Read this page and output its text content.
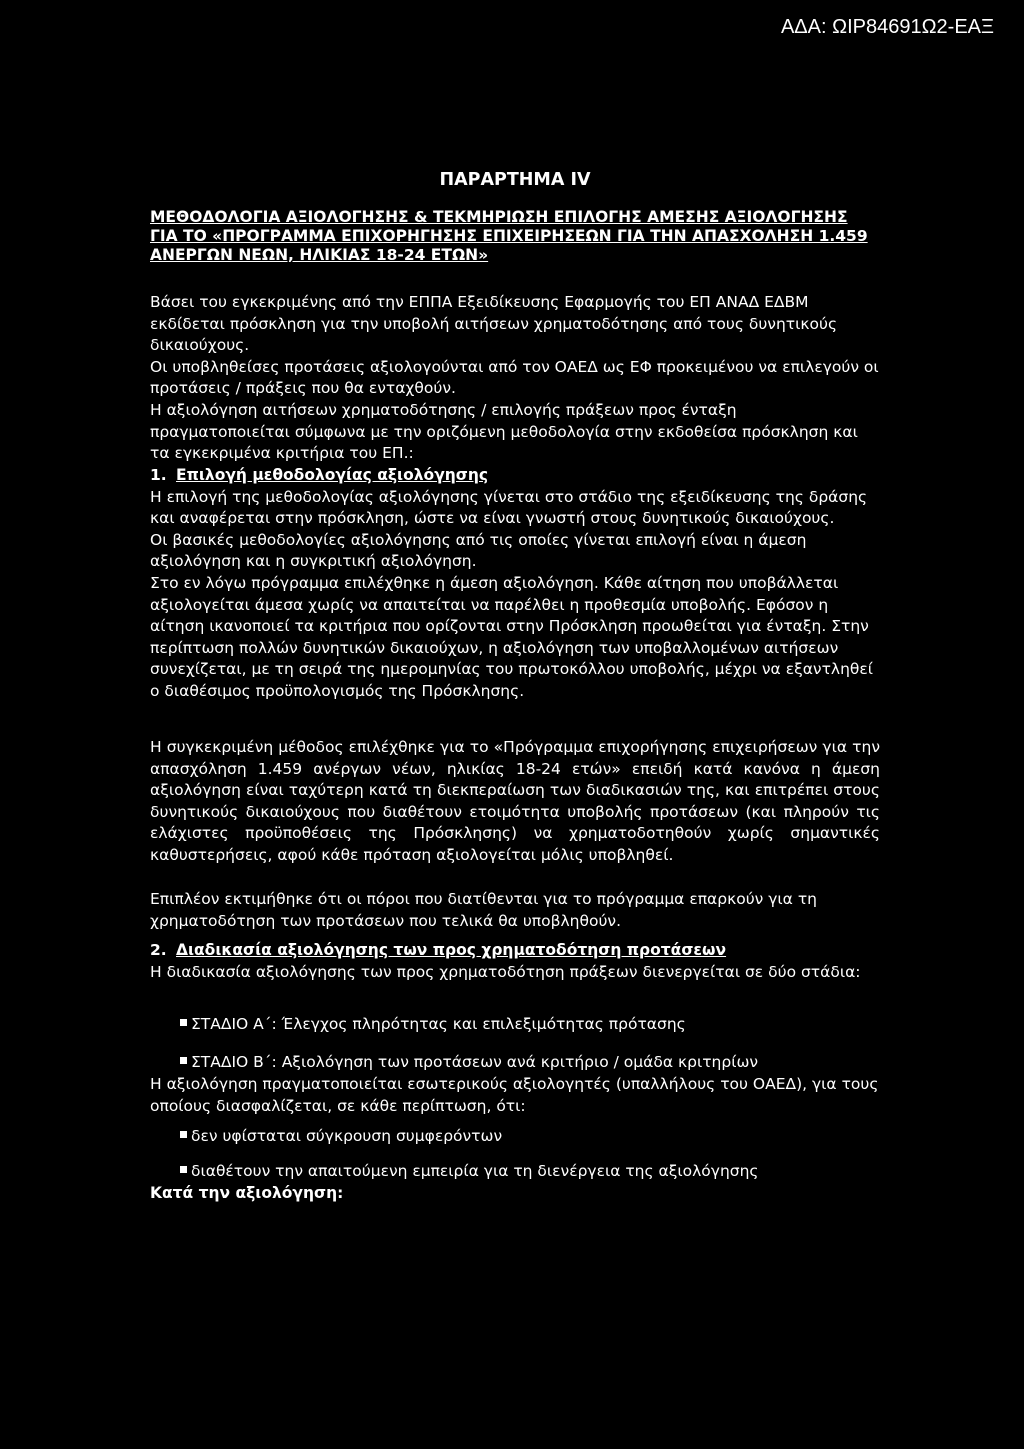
ΑΔΑ: ΩΙΡ84691Ω2-ΕΑΞ
ΠΑΡΑΡΤΗΜΑ IV
ΜΕΘΟΔΟΛΟΓΙΑ ΑΞΙΟΛΟΓΗΣΗΣ & ΤΕΚΜΗΡΙΩΣΗ ΕΠΙΛΟΓΗΣ ΑΜΕΣΗΣ ΑΞΙΟΛΟΓΗΣΗΣ ΓΙΑ ΤΟ «ΠΡΟΓΡΑΜΜΑ ΕΠΙΧΟΡΗΓΗΣΗΣ ΕΠΙΧΕΙΡΗΣΕΩΝ ΓΙΑ ΤΗΝ ΑΠΑΣΧΟΛΗΣΗ 1.459 ΑΝΕΡΓΩΝ ΝΕΩΝ, ΗΛΙΚΙΑΣ 18-24 ΕΤΩΝ»

Βάσει του εγκεκριμένης από την ΕΠΠΑ Εξειδίκευσης Εφαρμογής του ΕΠ ΑΝΑΔ ΕΔΒΜ εκδίδεται πρόσκληση για την υποβολή αιτήσεων χρηματοδότησης από τους δυνητικούς δικαιούχους.

Οι υποβληθείσες προτάσεις αξιολογούνται από τον ΟΑΕΔ ως ΕΦ προκειμένου να επιλεγούν οι προτάσεις / πράξεις που θα ενταχθούν.

Η αξιολόγηση αιτήσεων χρηματοδότησης / επιλογής πράξεων προς ένταξη πραγματοποιείται σύμφωνα με την οριζόμενη μεθοδολογία στην εκδοθείσα πρόσκληση και τα εγκεκριμένα κριτήρια του ΕΠ.:

1. Επιλογή μεθοδολογίας αξιολόγησης

Η επιλογή της μεθοδολογίας αξιολόγησης γίνεται στο στάδιο της εξειδίκευσης της δράσης και αναφέρεται στην πρόσκληση, ώστε να είναι γνωστή στους δυνητικούς δικαιούχους.

Οι βασικές μεθοδολογίες αξιολόγησης από τις οποίες γίνεται επιλογή είναι η άμεση αξιολόγηση και η συγκριτική αξιολόγηση.

Στο εν λόγω πρόγραμμα επιλέχθηκε η άμεση αξιολόγηση. Κάθε αίτηση που υποβάλλεται αξιολογείται άμεσα χωρίς να απαιτείται να παρέλθει η προθεσμία υποβολής. Εφόσον η αίτηση ικανοποιεί τα κριτήρια που ορίζονται στην Πρόσκληση προωθείται για ένταξη. Στην περίπτωση πολλών δυνητικών δικαιούχων, η αξιολόγηση των υποβαλλομένων αιτήσεων συνεχίζεται, με τη σειρά της ημερομηνίας του πρωτοκόλλου υποβολής, μέχρι να εξαντληθεί ο διαθέσιμος προϋπολογισμός της Πρόσκλησης.

Η συγκεκριμένη μέθοδος επιλέχθηκε για το «Πρόγραμμα επιχορήγησης επιχειρήσεων για την απασχόληση 1.459 ανέργων νέων, ηλικίας 18-24 ετών» επειδή κατά κανόνα η άμεση αξιολόγηση είναι ταχύτερη κατά τη διεκπεραίωση των διαδικασιών της, και επιτρέπει στους δυνητικούς δικαιούχους που διαθέτουν ετοιμότητα υποβολής προτάσεων (και πληρούν τις ελάχιστες προϋποθέσεις της Πρόσκλησης) να χρηματοδοτηθούν χωρίς σημαντικές καθυστερήσεις, αφού κάθε πρόταση αξιολογείται μόλις υποβληθεί.

Επιπλέον εκτιμήθηκε ότι οι πόροι που διατίθενται για το πρόγραμμα επαρκούν για τη χρηματοδότηση των προτάσεων που τελικά θα υποβληθούν.

2. Διαδικασία αξιολόγησης των προς χρηματοδότηση προτάσεων

Η διαδικασία αξιολόγησης των προς χρηματοδότηση πράξεων διενεργείται σε δύο στάδια:

ΣΤΑΔΙΟ Α΄: Έλεγχος πληρότητας και επιλεξιμότητας πρότασης
ΣΤΑΔΙΟ Β΄: Αξιολόγηση των προτάσεων ανά κριτήριο / ομάδα κριτηρίων

Η αξιολόγηση πραγματοποιείται εσωτερικούς αξιολογητές (υπαλλήλους του ΟΑΕΔ), για τους οποίους διασφαλίζεται, σε κάθε περίπτωση, ότι:

δεν υφίσταται σύγκρουση συμφερόντων
διαθέτουν την απαιτούμενη εμπειρία για τη διενέργεια της αξιολόγησης
Κατά την αξιολόγηση:
